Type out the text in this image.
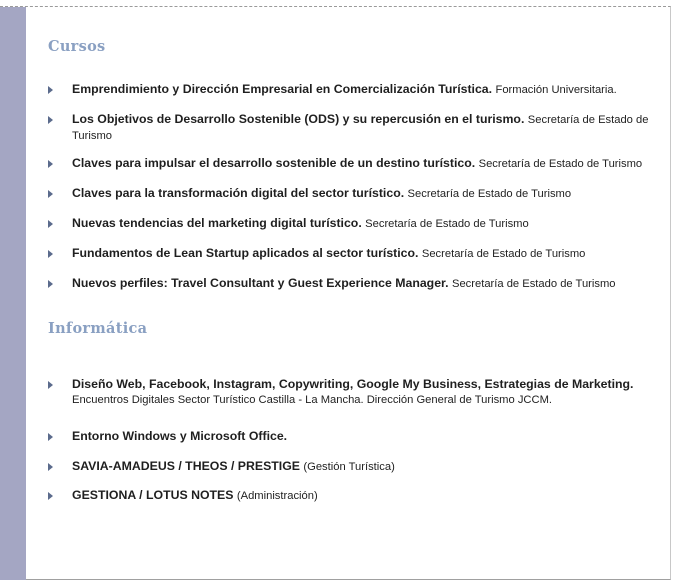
Cursos
Emprendimiento y Dirección Empresarial en Comercialización Turística. Formación Universitaria.
Los Objetivos de Desarrollo Sostenible (ODS) y su repercusión en el turismo. Secretaría de Estado de Turismo
Claves para impulsar el desarrollo sostenible de un destino turístico. Secretaría de Estado de Turismo
Claves para la transformación digital del sector turístico. Secretaría de Estado de Turismo
Nuevas tendencias del marketing digital turístico. Secretaría de Estado de Turismo
Fundamentos de Lean Startup aplicados al sector turístico. Secretaría de Estado de Turismo
Nuevos perfiles: Travel Consultant y Guest Experience Manager. Secretaría de Estado de Turismo
Informática
Diseño Web, Facebook, Instagram, Copywriting, Google My Business, Estrategias de Marketing.
Encuentros Digitales Sector Turístico Castilla - La Mancha. Dirección General de Turismo JCCM.
Entorno Windows y Microsoft Office.
SAVIA-AMADEUS / THEOS / PRESTIGE (Gestión Turística)
GESTIONA / LOTUS NOTES (Administración)
